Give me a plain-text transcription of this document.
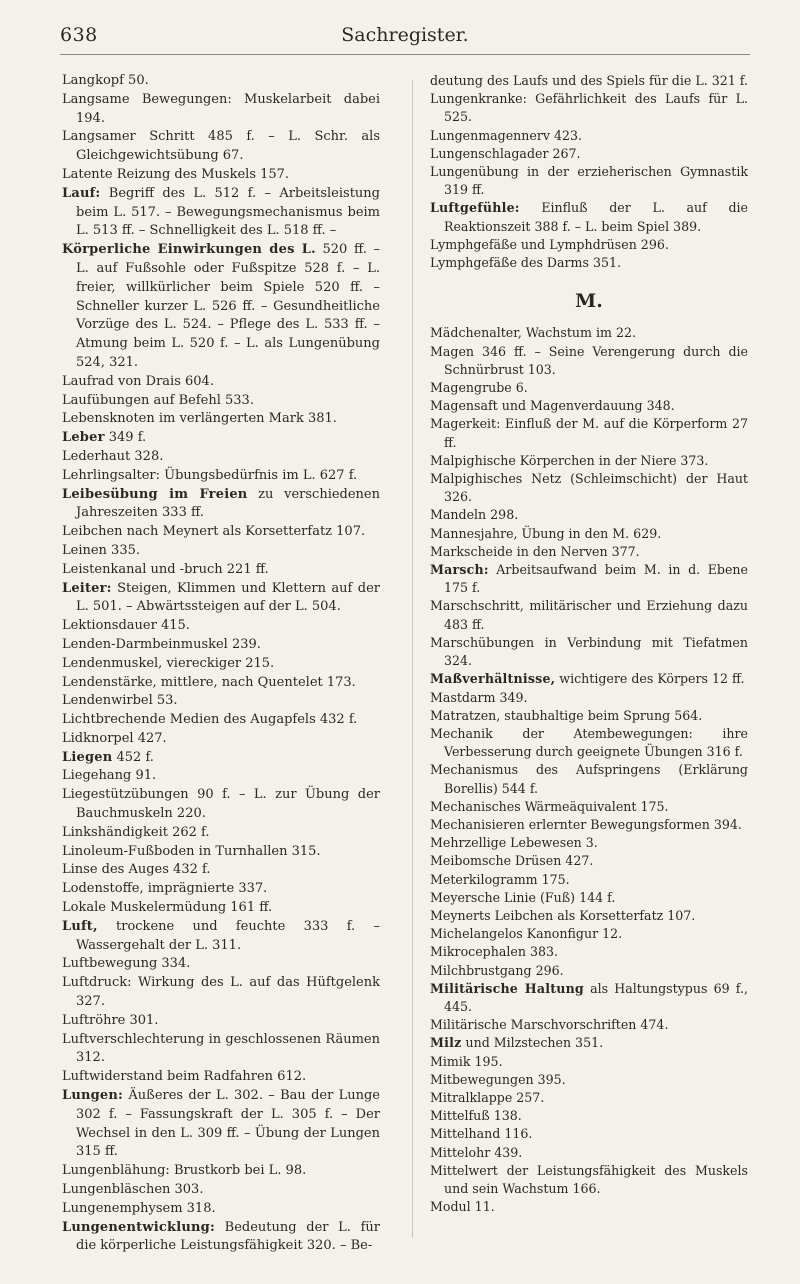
638	Sachregister.

Langkopf 50.

Langsame Bewegungen: Muskelarbeit dabei 194.

Langsamer Schritt 485 f. – L. Schr. als Gleichgewichtsübung 67.

Latente Reizung des Muskels 157.

Lauf: Begriff des L. 512 f. – Arbeitsleistung beim L. 517. – Bewegungsmechanismus beim L. 513 ff. – Schnelligkeit des L. 518 ff. –

Körperliche Einwirkungen des L. 520 ff. – L. auf Fußsohle oder Fußspitze 528 f. – L. freier, willkürlicher beim Spiele 520 ff. – Schneller kurzer L. 526 ff. – Gesundheitliche Vorzüge des L. 524. – Pflege des L. 533 ff. – Atmung beim L. 520 f. – L. als Lungenübung 524, 321.

Laufrad von Drais 604.

Laufübungen auf Befehl 533.

Lebensknoten im verlängerten Mark 381.

Leber 349 f.

Lederhaut 328.

Lehrlingsalter: Übungsbedürfnis im L. 627 f.

Leibesübung im Freien zu verschiedenen Jahreszeiten 333 ff.

Leibchen nach Meynert als Korsetterfatz 107.

Leinen 335.

Leistenkanal und -bruch 221 ff.

Leiter: Steigen, Klimmen und Klettern auf der L. 501. – Abwärtssteigen auf der L. 504.

Lektionsdauer 415.

Lenden-Darmbeinmuskel 239.

Lendenmuskel, viereckiger 215.

Lendenstärke, mittlere, nach Quentelet 173.

Lendenwirbel 53.

Lichtbrechende Medien des Augapfels 432 f.

Lidknorpel 427.

Liegen 452 f.

Liegehang 91.

Liegestützübungen 90 f. – L. zur Übung der Bauchmuskeln 220.

Linkshändigkeit 262 f.

Linoleum-Fußboden in Turnhallen 315.

Linse des Auges 432 f.

Lodenstoffe, imprägnierte 337.

Lokale Muskelermüdung 161 ff.

Luft, trockene und feuchte 333 f. – Wassergehalt der L. 311.

Luftbewegung 334.

Luftdruck: Wirkung des L. auf das Hüftgelenk 327.

Luftröhre 301.

Luftverschlechterung in geschlossenen Räumen 312.

Luftwiderstand beim Radfahren 612.

Lungen: Äußeres der L. 302. – Bau der Lunge 302 f. – Fassungskraft der L. 305 f. – Der Wechsel in den L. 309 ff. – Übung der Lungen 315 ff.

Lungenblähung: Brustkorb bei L. 98.

Lungenbläschen 303.

Lungenemphysem 318.

Lungenentwicklung: Bedeutung der L. für die körperliche Leistungsfähigkeit 320. – Be-

deutung des Laufs und des Spiels für die L. 321 f.

Lungenkranke: Gefährlichkeit des Laufs für L. 525.

Lungenmagennerv 423.

Lungenschlagader 267.

Lungenübung in der erzieherischen Gymnastik 319 ff.

Luftgefühle: Einfluß der L. auf die Reaktionszeit 388 f. – L. beim Spiel 389.

Lymphgefäße und Lymphdrüsen 296.

Lymphgefäße des Darms 351.

M.

Mädchenalter, Wachstum im 22.

Magen 346 ff. – Seine Verengerung durch die Schnürbrust 103.

Magengrube 6.

Magensaft und Magenverdauung 348.

Magerkeit: Einfluß der M. auf die Körperform 27 ff.

Malpighische Körperchen in der Niere 373.

Malpighisches Netz (Schleimschicht) der Haut 326.

Mandeln 298.

Mannesjahre, Übung in den M. 629.

Markscheide in den Nerven 377.

Marsch: Arbeitsaufwand beim M. in d. Ebene 175 f.

Marschschritt, militärischer und Erziehung dazu 483 ff.

Marschübungen in Verbindung mit Tiefatmen 324.

Maßverhältnisse, wichtigere des Körpers 12 ff.

Mastdarm 349.

Matratzen, staubhaltige beim Sprung 564.

Mechanik der Atembewegungen: ihre Verbesserung durch geeignete Übungen 316 f.

Mechanismus des Aufspringens (Erklärung Borellis) 544 f.

Mechanisches Wärmeäquivalent 175.

Mechanisieren erlernter Bewegungsformen 394.

Mehrzellige Lebewesen 3.

Meibomsche Drüsen 427.

Meterkilogramm 175.

Meyersche Linie (Fuß) 144 f.

Meynerts Leibchen als Korsetterfatz 107.

Michelangelos Kanonfigur 12.

Mikrocephalen 383.

Milchbrustgang 296.

Militärische Haltung als Haltungstypus 69 f., 445.

Militärische Marschvorschriften 474.

Milz und Milzstechen 351.

Mimik 195.

Mitbewegungen 395.

Mitralklappe 257.

Mittelfuß 138.

Mittelhand 116.

Mittelohr 439.

Mittelwert der Leistungsfähigkeit des Muskels und sein Wachstum 166.

Modul 11.
